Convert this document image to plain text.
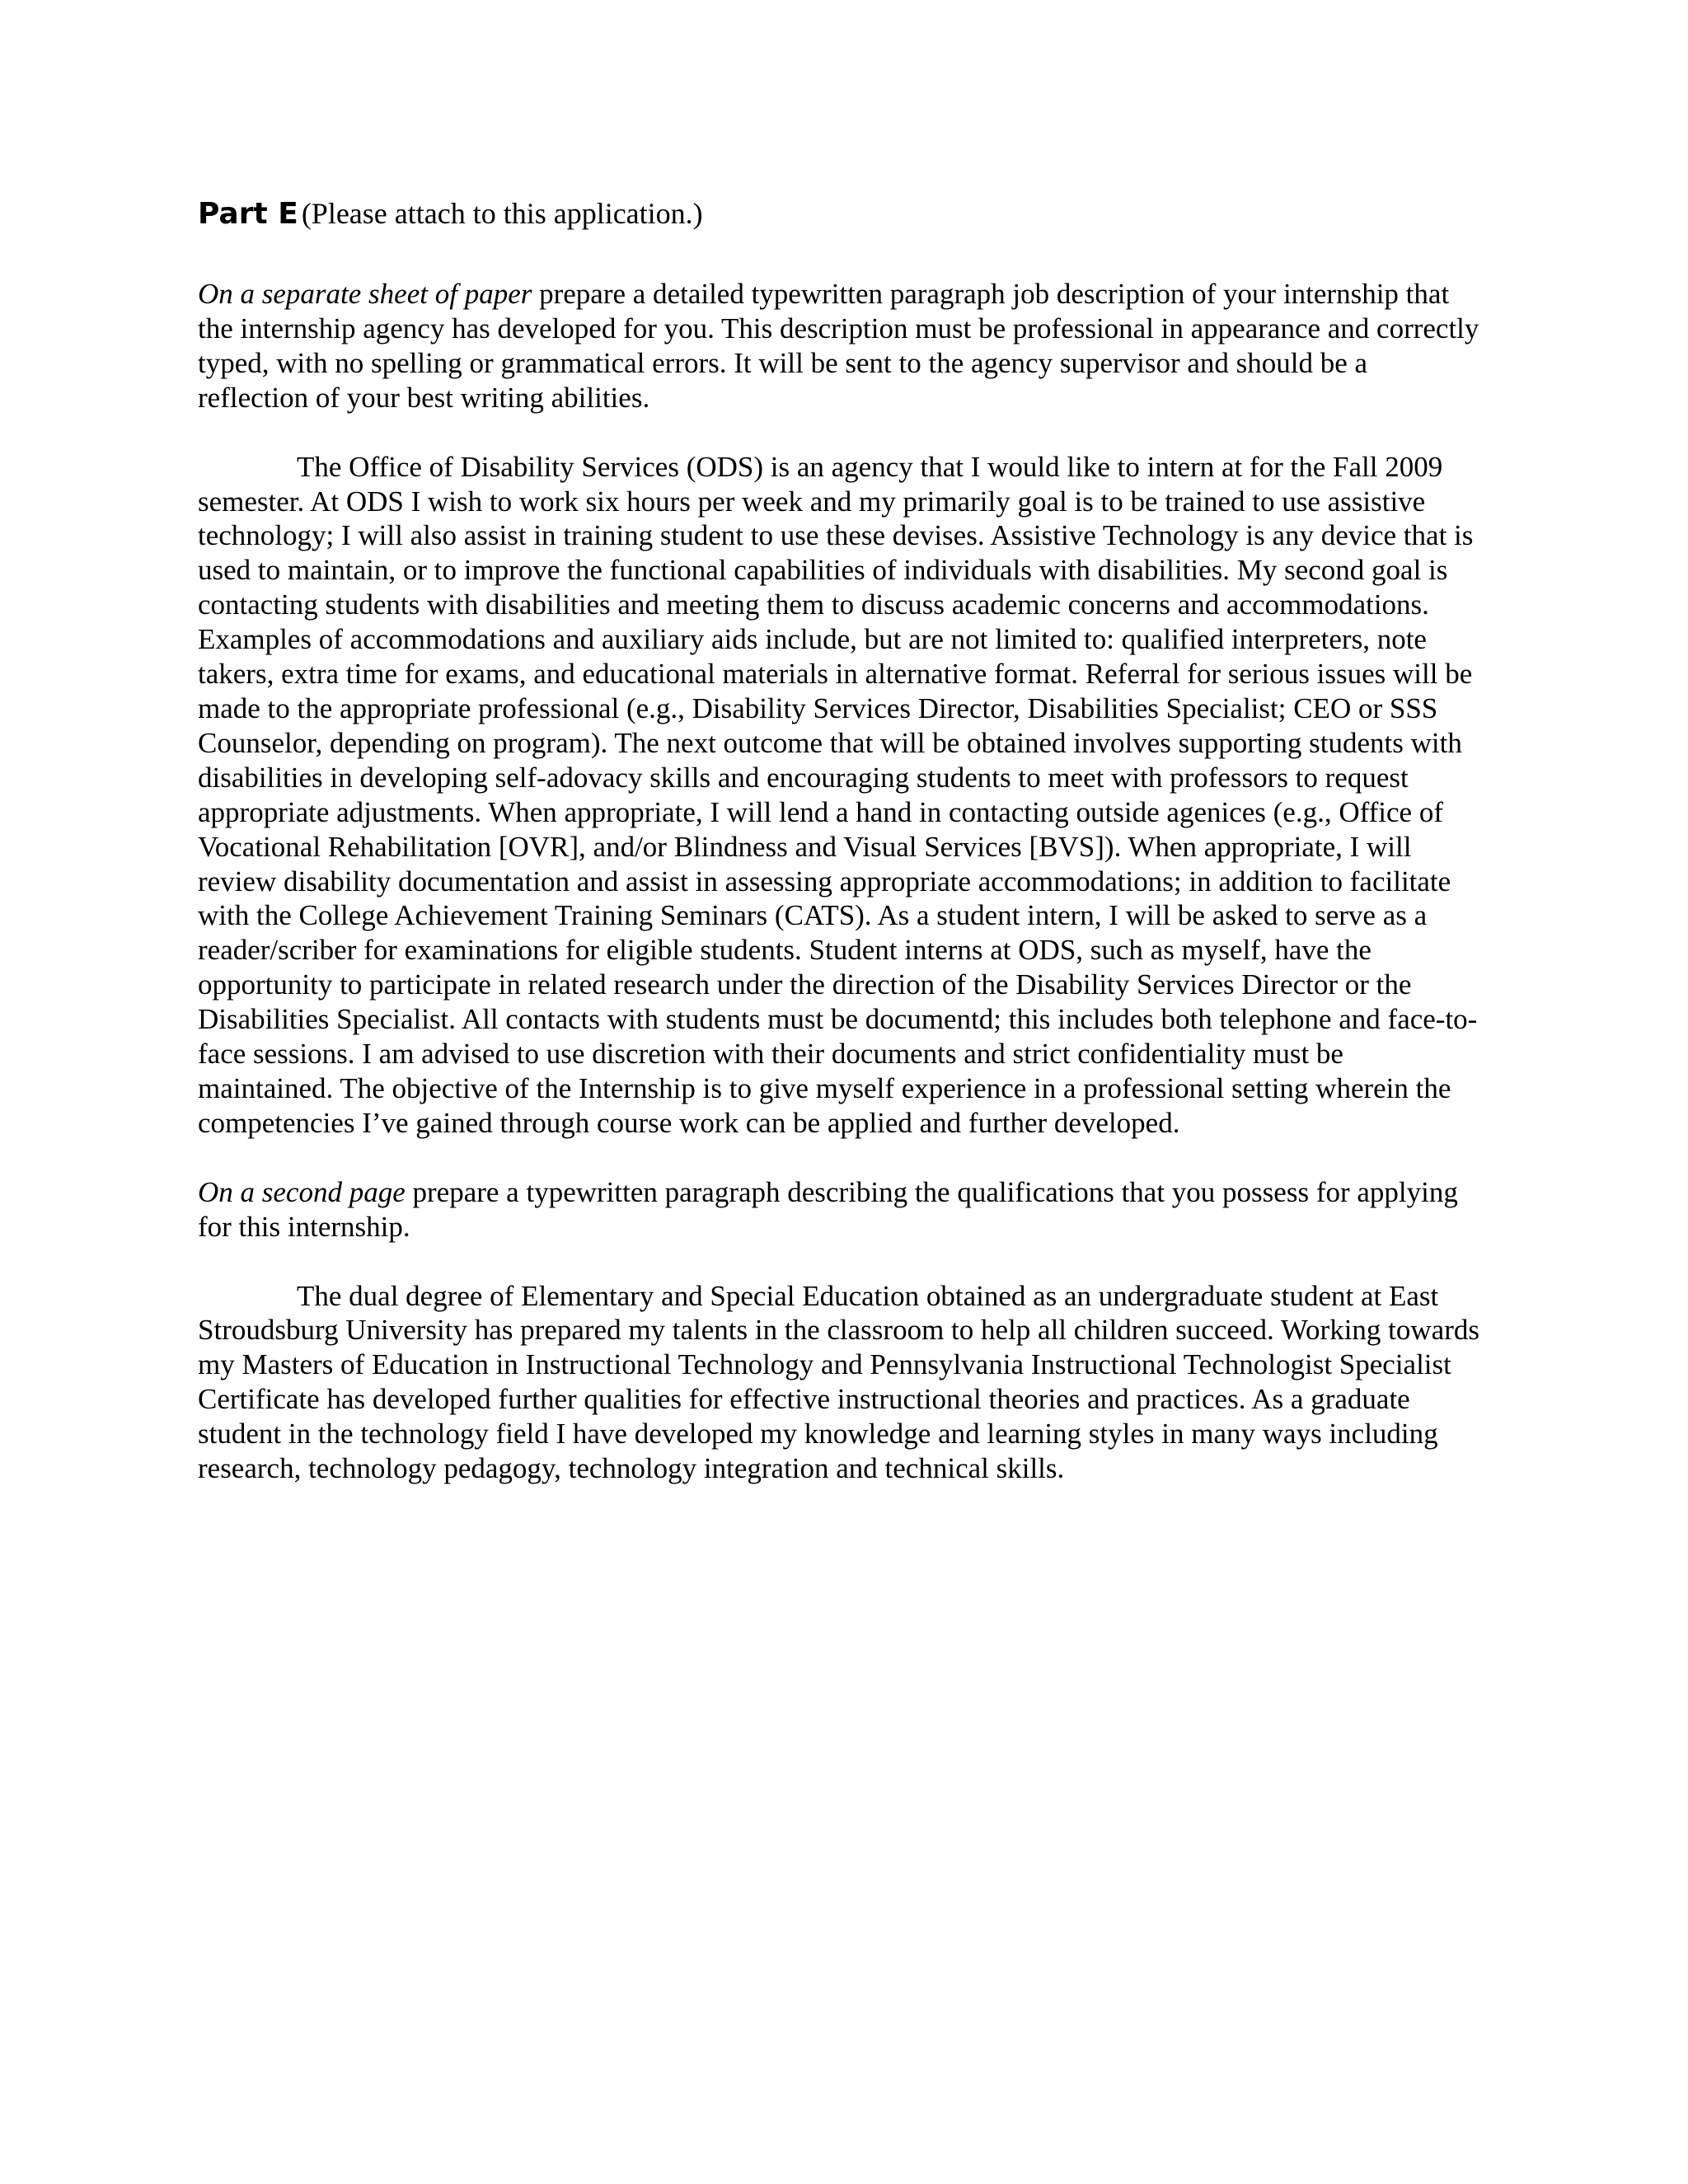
Part E (Please attach to this application.)

On a separate sheet of paper prepare a detailed typewritten paragraph job description of your internship that the internship agency has developed for you. This description must be professional in appearance and correctly typed, with no spelling or grammatical errors. It will be sent to the agency supervisor and should be a reflection of your best writing abilities.

The Office of Disability Services (ODS) is an agency that I would like to intern at for the Fall 2009 semester. At ODS I wish to work six hours per week and my primarily goal is to be trained to use assistive technology; I will also assist in training student to use these devises. Assistive Technology is any device that is used to maintain, or to improve the functional capabilities of individuals with disabilities. My second goal is contacting students with disabilities and meeting them to discuss academic concerns and accommodations. Examples of accommodations and auxiliary aids include, but are not limited to: qualified interpreters, note takers, extra time for exams, and educational materials in alternative format. Referral for serious issues will be made to the appropriate professional (e.g., Disability Services Director, Disabilities Specialist; CEO or SSS Counselor, depending on program). The next outcome that will be obtained involves supporting students with disabilities in developing self-adovacy skills and encouraging students to meet with professors to request appropriate adjustments. When appropriate, I will lend a hand in contacting outside agenices (e.g., Office of Vocational Rehabilitation [OVR], and/or Blindness and Visual Services [BVS]). When appropriate, I will review disability documentation and assist in assessing appropriate accommodations; in addition to facilitate with the College Achievement Training Seminars (CATS). As a student intern, I will be asked to serve as a reader/scriber for examinations for eligible students. Student interns at ODS, such as myself, have the opportunity to participate in related research under the direction of the Disability Services Director or the Disabilities Specialist. All contacts with students must be documentd; this includes both telephone and face-to-face sessions. I am advised to use discretion with their documents and strict confidentiality must be maintained. The objective of the Internship is to give myself experience in a professional setting wherein the competencies I’ve gained through course work can be applied and further developed.

On a second page prepare a typewritten paragraph describing the qualifications that you possess for applying for this internship.

The dual degree of Elementary and Special Education obtained as an undergraduate student at East Stroudsburg University has prepared my talents in the classroom to help all children succeed. Working towards my Masters of Education in Instructional Technology and Pennsylvania Instructional Technologist Specialist Certificate has developed further qualities for effective instructional theories and practices. As a graduate student in the technology field I have developed my knowledge and learning styles in many ways including research, technology pedagogy, technology integration and technical skills.
